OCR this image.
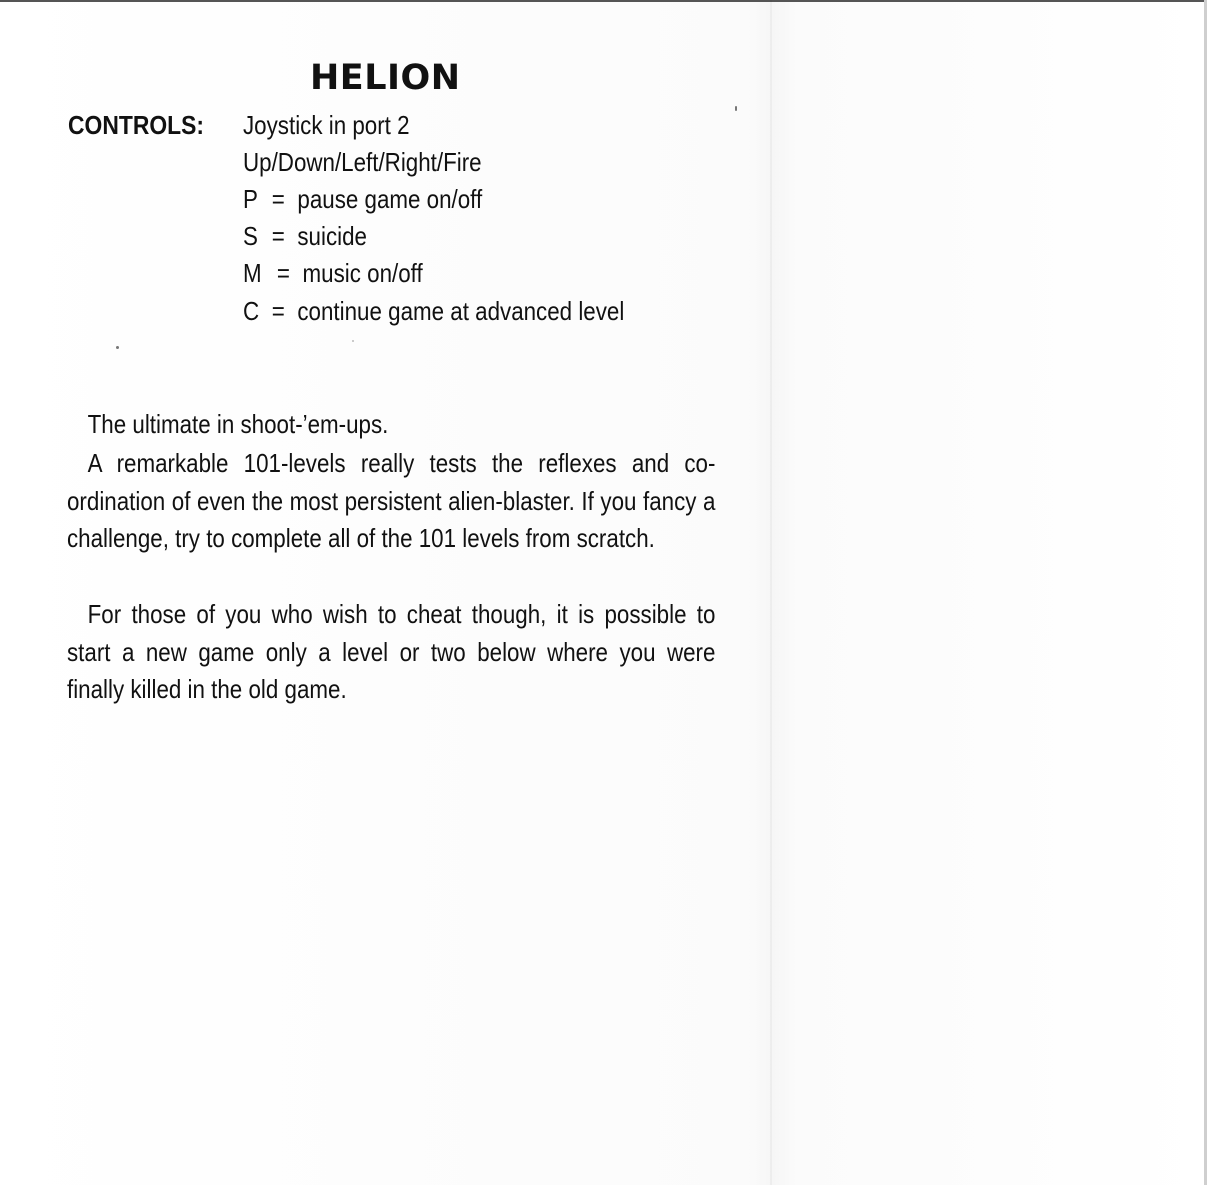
HELION
CONTROLS: Joystick in port 2
Up/Down/Left/Right/Fire
P = pause game on/off
S = suicide
M = music on/off
C = continue game at advanced level

The ultimate in shoot-’em-ups.

A remarkable 101-levels really tests the reflexes and co-ordination of even the most persistent alien-blaster. If you fancy a challenge, try to complete all of the 101 levels from scratch.

For those of you who wish to cheat though, it is possible to start a new game only a level or two below where you were finally killed in the old game.
